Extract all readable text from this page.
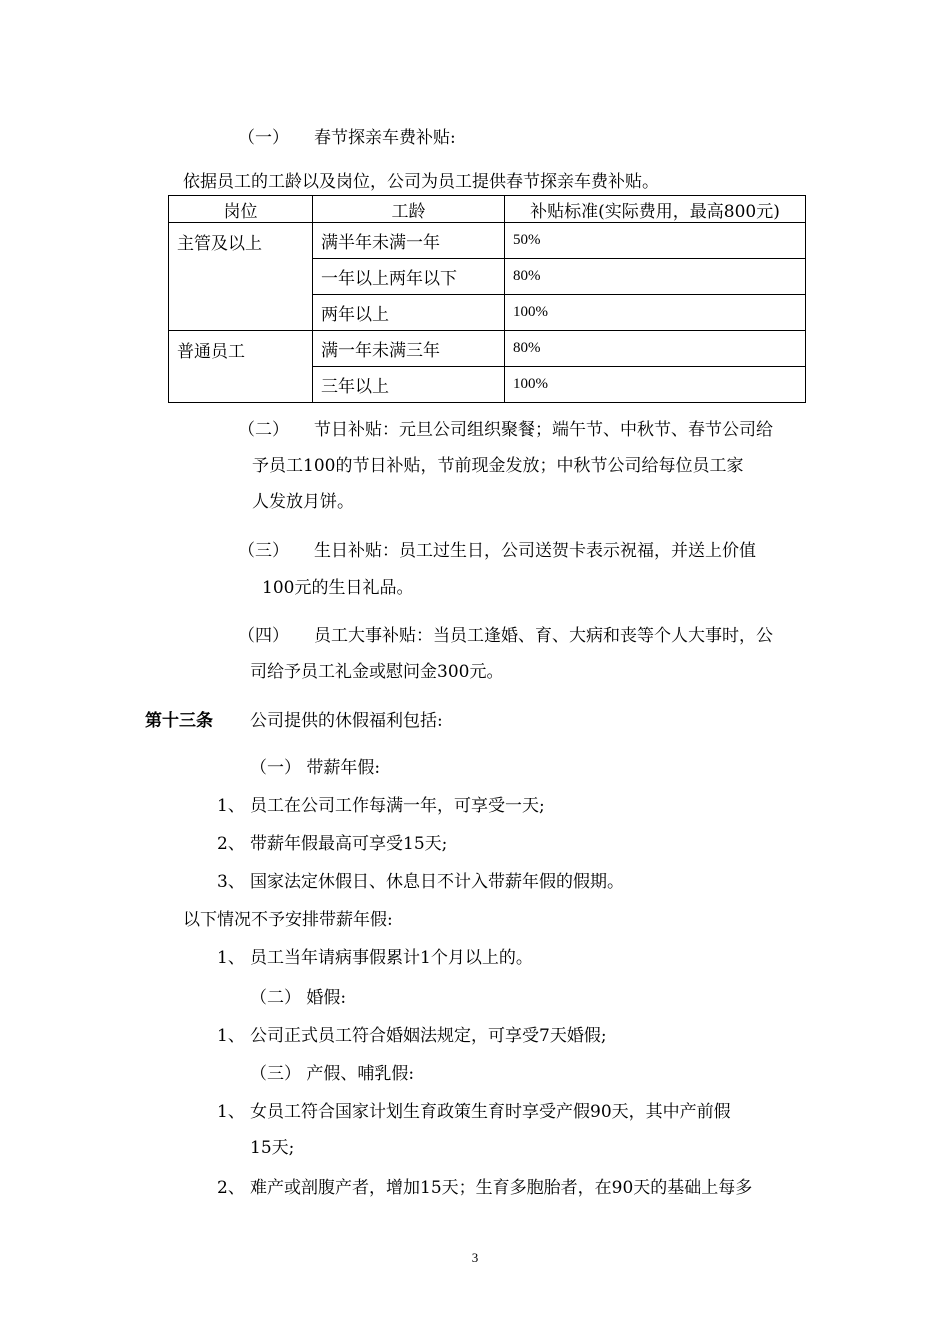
（一） 春节探亲车费补贴:
依据员工的工龄以及岗位，公司为员工提供春节探亲车费补贴。
岗位	工龄	补贴标准(实际费用，最高800元)
主管及以上	满半年未满一年	50%
	一年以上两年以下	80%
	两年以上	100%
普通员工	满一年未满三年	80%
	三年以上	100%
（二） 节日补贴：元旦公司组织聚餐；端午节、中秋节、春节公司给
予员工100的节日补贴，节前现金发放；中秋节公司给每位员工家
人发放月饼。
（三） 生日补贴：员工过生日，公司送贺卡表示祝福，并送上价值
100元的生日礼品。
（四） 员工大事补贴：当员工逢婚、育、大病和丧等个人大事时，公
司给予员工礼金或慰问金300元。
第十三条 公司提供的休假福利包括:
（一） 带薪年假:
1、 员工在公司工作每满一年，可享受一天;
2、 带薪年假最高可享受15天;
3、 国家法定休假日、休息日不计入带薪年假的假期。
以下情况不予安排带薪年假:
1、 员工当年请病事假累计1个月以上的。
（二） 婚假:
1、 公司正式员工符合婚姻法规定，可享受7天婚假;
（三） 产假、哺乳假:
1、 女员工符合国家计划生育政策生育时享受产假90天，其中产前假
15天;
2、 难产或剖腹产者，增加15天；生育多胞胎者，在90天的基础上每多
3
